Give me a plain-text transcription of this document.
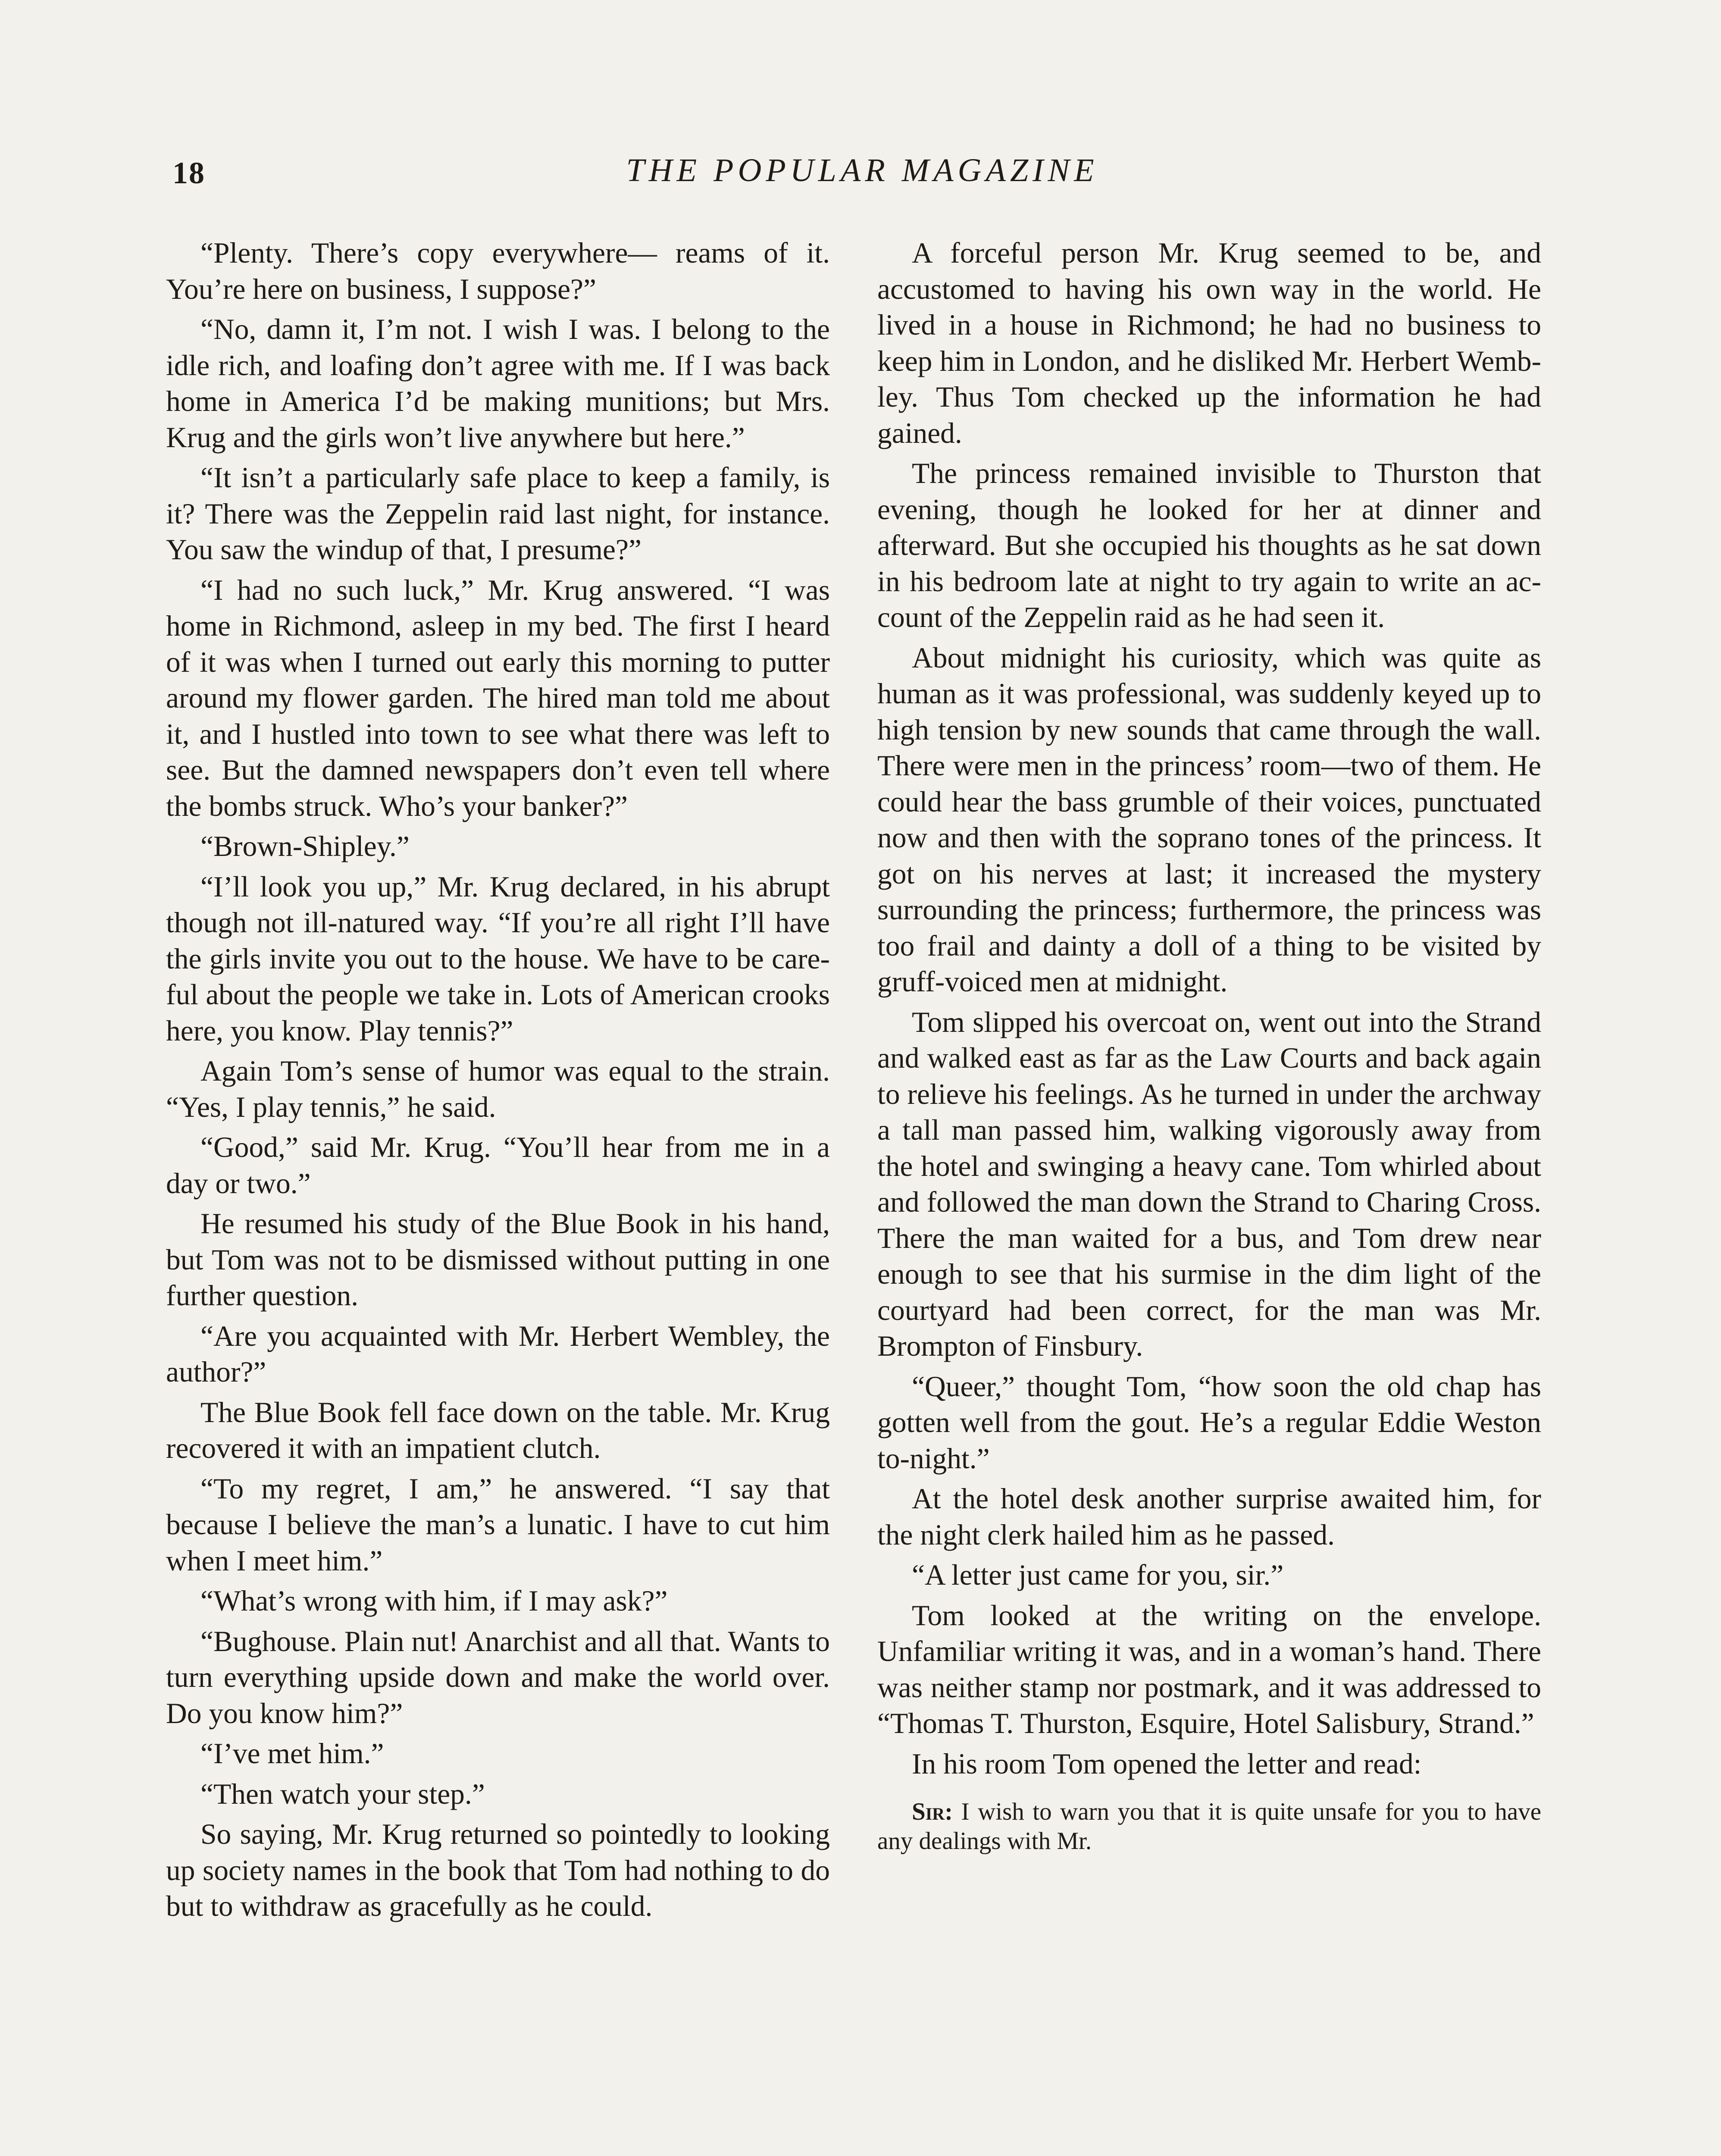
18	THE POPULAR MAGAZINE

“Plenty. There’s copy everywhere— reams of it. You’re here on business, I suppose?”

“No, damn it, I’m not. I wish I was. I belong to the idle rich, and loafing don’t agree with me. If I was back home in America I’d be making munitions; but Mrs. Krug and the girls won’t live anywhere but here.”

“It isn’t a particularly safe place to keep a family, is it? There was the Zeppelin raid last night, for instance. You saw the windup of that, I presume?”

“I had no such luck,” Mr. Krug answered. “I was home in Richmond, asleep in my bed. The first I heard of it was when I turned out early this morning to putter around my flower garden. The hired man told me about it, and I hustled into town to see what there was left to see. But the damned newspapers don’t even tell where the bombs struck. Who’s your banker?”

“Brown-Shipley.”

“I’ll look you up,” Mr. Krug declared, in his abrupt though not ill-natured way. “If you’re all right I’ll have the girls invite you out to the house. We have to be careful about the people we take in. Lots of American crooks here, you know. Play tennis?”

Again Tom’s sense of humor was equal to the strain. “Yes, I play tennis,” he said.

“Good,” said Mr. Krug. “You’ll hear from me in a day or two.”

He resumed his study of the Blue Book in his hand, but Tom was not to be dismissed without putting in one further question.

“Are you acquainted with Mr. Herbert Wembley, the author?”

The Blue Book fell face down on the table. Mr. Krug recovered it with an impatient clutch.

“To my regret, I am,” he answered. “I say that because I believe the man’s a lunatic. I have to cut him when I meet him.”

“What’s wrong with him, if I may ask?”

“Bughouse. Plain nut! Anarchist and all that. Wants to turn everything upside down and make the world over. Do you know him?”

“I’ve met him.”

“Then watch your step.”

So saying, Mr. Krug returned so pointedly to looking up society names in the book that Tom had nothing to do but to withdraw as gracefully as he could.

A forceful person Mr. Krug seemed to be, and accustomed to having his own way in the world. He lived in a house in Richmond; he had no business to keep him in London, and he disliked Mr. Herbert Wembley. Thus Tom checked up the information he had gained.

The princess remained invisible to Thurston that evening, though he looked for her at dinner and afterward. But she occupied his thoughts as he sat down in his bedroom late at night to try again to write an account of the Zeppelin raid as he had seen it.

About midnight his curiosity, which was quite as human as it was professional, was suddenly keyed up to high tension by new sounds that came through the wall. There were men in the princess’ room—two of them. He could hear the bass grumble of their voices, punctuated now and then with the soprano tones of the princess. It got on his nerves at last; it increased the mystery surrounding the princess; furthermore, the princess was too frail and dainty a doll of a thing to be visited by gruff-voiced men at midnight.

Tom slipped his overcoat on, went out into the Strand and walked east as far as the Law Courts and back again to relieve his feelings. As he turned in under the archway a tall man passed him, walking vigorously away from the hotel and swinging a heavy cane. Tom whirled about and followed the man down the Strand to Charing Cross. There the man waited for a bus, and Tom drew near enough to see that his surmise in the dim light of the courtyard had been correct, for the man was Mr. Brompton of Finsbury.

“Queer,” thought Tom, “how soon the old chap has gotten well from the gout. He’s a regular Eddie Weston to-night.”

At the hotel desk another surprise awaited him, for the night clerk hailed him as he passed.

“A letter just came for you, sir.”

Tom looked at the writing on the envelope. Unfamiliar writing it was, and in a woman’s hand. There was neither stamp nor postmark, and it was addressed to “Thomas T. Thurston, Esquire, Hotel Salisbury, Strand.”

In his room Tom opened the letter and read:

Sir: I wish to warn you that it is quite unsafe for you to have any dealings with Mr.
